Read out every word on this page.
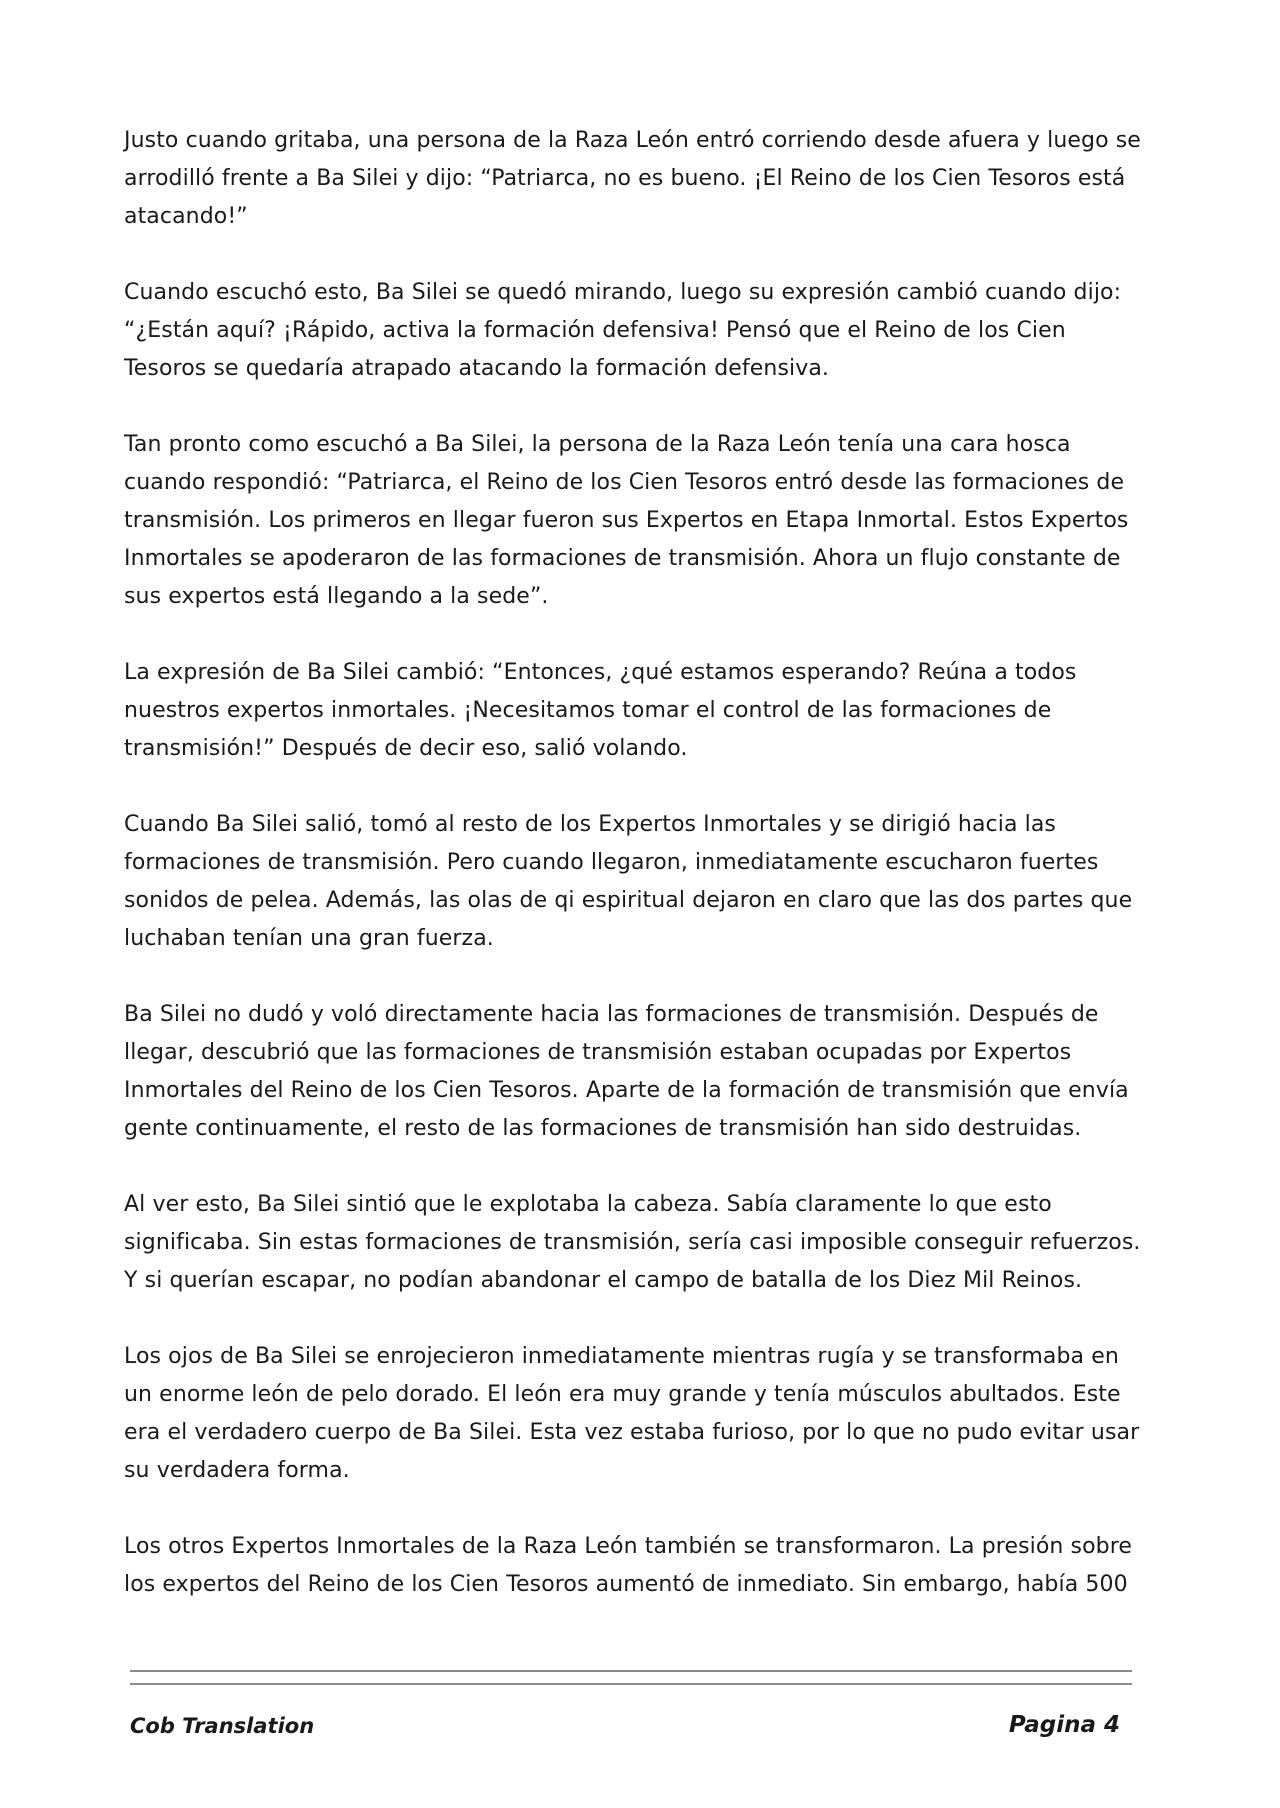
Justo cuando gritaba, una persona de la Raza León entró corriendo desde afuera y luego se arrodilló frente a Ba Silei y dijo: “Patriarca, no es bueno. ¡El Reino de los Cien Tesoros está atacando!”

Cuando escuchó esto, Ba Silei se quedó mirando, luego su expresión cambió cuando dijo: “¿Están aquí? ¡Rápido, activa la formación defensiva! Pensó que el Reino de los Cien Tesoros se quedaría atrapado atacando la formación defensiva.

Tan pronto como escuchó a Ba Silei, la persona de la Raza León tenía una cara hosca cuando respondió: “Patriarca, el Reino de los Cien Tesoros entró desde las formaciones de transmisión. Los primeros en llegar fueron sus Expertos en Etapa Inmortal. Estos Expertos Inmortales se apoderaron de las formaciones de transmisión. Ahora un flujo constante de sus expertos está llegando a la sede”.

La expresión de Ba Silei cambió: “Entonces, ¿qué estamos esperando? Reúna a todos nuestros expertos inmortales. ¡Necesitamos tomar el control de las formaciones de transmisión!” Después de decir eso, salió volando.

Cuando Ba Silei salió, tomó al resto de los Expertos Inmortales y se dirigió hacia las formaciones de transmisión. Pero cuando llegaron, inmediatamente escucharon fuertes sonidos de pelea. Además, las olas de qi espiritual dejaron en claro que las dos partes que luchaban tenían una gran fuerza.

Ba Silei no dudó y voló directamente hacia las formaciones de transmisión. Después de llegar, descubrió que las formaciones de transmisión estaban ocupadas por Expertos Inmortales del Reino de los Cien Tesoros. Aparte de la formación de transmisión que envía gente continuamente, el resto de las formaciones de transmisión han sido destruidas.

Al ver esto, Ba Silei sintió que le explotaba la cabeza. Sabía claramente lo que esto significaba. Sin estas formaciones de transmisión, sería casi imposible conseguir refuerzos. Y si querían escapar, no podían abandonar el campo de batalla de los Diez Mil Reinos.

Los ojos de Ba Silei se enrojecieron inmediatamente mientras rugía y se transformaba en un enorme león de pelo dorado. El león era muy grande y tenía músculos abultados. Este era el verdadero cuerpo de Ba Silei. Esta vez estaba furioso, por lo que no pudo evitar usar su verdadera forma.

Los otros Expertos Inmortales de la Raza León también se transformaron. La presión sobre los expertos del Reino de los Cien Tesoros aumentó de inmediato. Sin embargo, había 500

Cob Translation	Pagina 4
